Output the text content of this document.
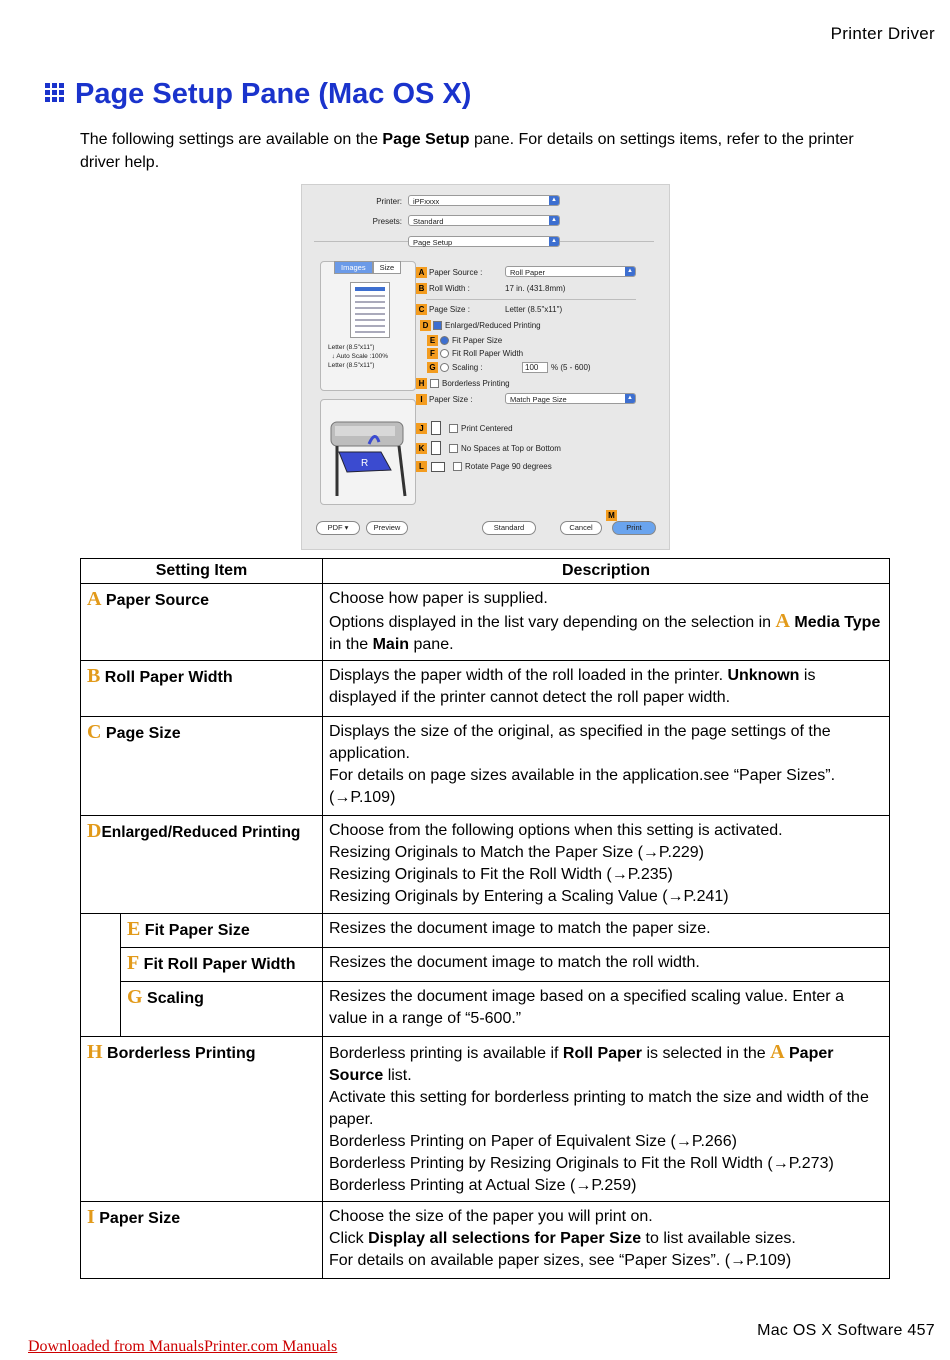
Printer Driver
Page Setup Pane (Mac OS X)
The following settings are available on the Page Setup pane. For details on settings items, refer to the printer driver help.
Printer:	iPFxxxx	▲
Presets:	Standard	▲
Page Setup	▲
Images	Size
Letter (8.5"x11")
↓ Auto Scale :100%
Letter (8.5"x11")
R
A Paper Source :	Roll Paper	▲
B Roll Width :	17 in. (431.8mm)
C Page Size :	Letter (8.5"x11")
D	Enlarged/Reduced Printing
E	Fit Paper Size
F	Fit Roll Paper Width
G Scaling :	100	% (5 - 600)
H	Borderless Printing
I Paper Size :	Match Page Size	▲
J	Print Centered
K	No Spaces at Top or Bottom
L	Rotate Page 90 degrees
M
PDF ▾	Preview	Standard	Cancel	Print
Setting Item		Description
A Paper Source		Choose how paper is supplied.
Options displayed in the list vary depending on the selection in A Media Type in the Main pane.

B Roll Paper Width		Displays the paper width of the roll loaded in the printer. Unknown is displayed if the printer cannot detect the roll paper width.
C Page Size		Displays the size of the original, as specified in the page settings of the application.
For details on page sizes available in the application.see “Paper Sizes”. (→P.109)

DEnlarged/Reduced Printing		Choose from the following options when this setting is activated.
Resizing Originals to Match the Paper Size (→P.229)
Resizing Originals to Fit the Roll Width (→P.235)
Resizing Originals by Entering a Scaling Value (→P.241)

	E Fit Paper Size	Resizes the document image to match the paper size.
	F Fit Roll Paper Width	Resizes the document image to match the roll width.
	G Scaling	Resizes the document image based on a specified scaling value. Enter a value in a range of “5-600.”
H Borderless Printing		Borderless printing is available if Roll Paper is selected in the A Paper Source list.
Activate this setting for borderless printing to match the size and width of the paper.
Borderless Printing on Paper of Equivalent Size (→P.266)
Borderless Printing by Resizing Originals to Fit the Roll Width (→P.273)
Borderless Printing at Actual Size (→P.259)

I Paper Size		Choose the size of the paper you will print on.
Click Display all selections for Paper Size to list available sizes.
For details on available paper sizes, see “Paper Sizes”. (→P.109)
Mac OS X Software 457
Downloaded from ManualsPrinter.com Manuals
